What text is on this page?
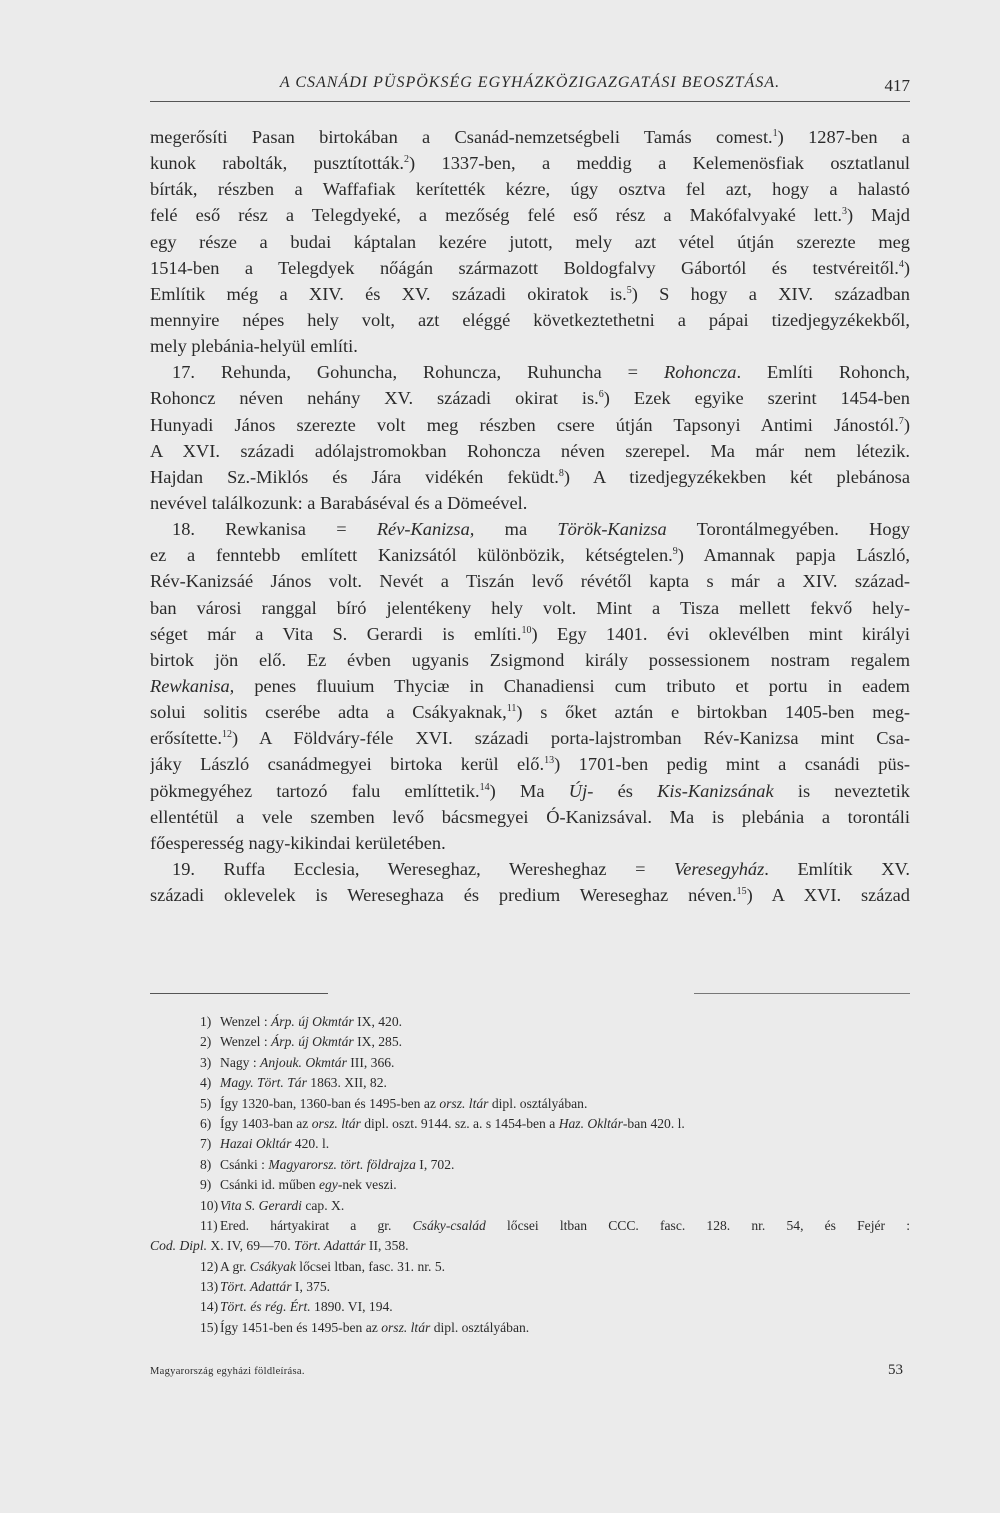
A CSANÁDI PÜSPÖKSÉG EGYHÁZKÖZIGAZGATÁSI BEOSZTÁSA.	417
megerősíti Pasan birtokában a Csanád-nemzetségbeli Tamás comest.$^1$) 1287-ben a
kunok rabolták, pusztították.$^2$) 1337-ben, a meddig a Kelemenösfiak osztatlanul
bírták, részben a Waffafiak kerítették kézre, úgy osztva fel azt, hogy a halastó
felé eső rész a Telegdyeké, a mezőség felé eső rész a Makófalvyaké lett.$^3$) Majd
egy része a budai káptalan kezére jutott, mely azt vétel útján szerezte meg
1514-ben a Telegdyek nőágán származott Boldogfalvy Gábortól és testvéreitől.$^4$)
Említik még a XIV. és XV. századi okiratok is.$^5$) S hogy a XIV. században
mennyire népes hely volt, azt eléggé következtethetni a pápai tizedjegyzékekből,
mely plebánia-helyül említi.
17. Rehunda, Gohuncha, Rohuncza, Ruhuncha = Rohoncza. Említi Rohonch,
Rohoncz néven nehány XV. századi okirat is.$^6$) Ezek egyike szerint 1454-ben
Hunyadi János szerezte volt meg részben csere útján Tapsonyi Antimi Jánostól.$^7$)
A XVI. századi adólajstromokban Rohoncza néven szerepel. Ma már nem létezik.
Hajdan Sz.-Miklós és Jára vidékén feküdt.$^8$) A tizedjegyzékekben két plebánosa
nevével találkozunk: a Barabáséval és a Dömeével.
18. Rewkanisa = Rév-Kanizsa, ma Török-Kanizsa Torontálmegyében. Hogy
ez a fenntebb említett Kanizsától különbözik, kétségtelen.$^9$) Amannak papja László,
Rév-Kanizsáé János volt. Nevét a Tiszán levő révétől kapta s már a XIV. század-
ban városi ranggal bíró jelentékeny hely volt. Mint a Tisza mellett fekvő hely-
séget már a Vita S. Gerardi is említi.$^{10}$) Egy 1401. évi oklevélben mint királyi
birtok jön elő. Ez évben ugyanis Zsigmond király possessionem nostram regalem
Rewkanisa, penes fluuium Thyciæ in Chanadiensi cum tributo et portu in eadem
solui solitis cserébe adta a Csákyaknak,$^{11}$) s őket aztán e birtokban 1405-ben meg-
erősítette.$^{12}$) A Földváry-féle XVI. századi porta-lajstromban Rév-Kanizsa mint Csa-
jáky László csanádmegyei birtoka kerül elő.$^{13}$) 1701-ben pedig mint a csanádi püs-
pökmegyéhez tartozó falu említtetik.$^{14}$) Ma Új- és Kis-Kanizsának is neveztetik
ellentétül a vele szemben levő bácsmegyei Ó-Kanizsával. Ma is plebánia a torontáli
főesperesség nagy-kikindai kerületében.
19. Ruffa Ecclesia, Wereseghaz, Weresheghaz = Veresegyház. Említik XV.
századi oklevelek is Wereseghaza és predium Wereseghaz néven.$^{15}$) A XVI. század
1) Wenzel : Árp. új Okmtár IX, 420.
2) Wenzel : Árp. új Okmtár IX, 285.
3) Nagy : Anjouk. Okmtár III, 366.
4) Magy. Tört. Tár 1863. XII, 82.
5) Így 1320-ban, 1360-ban és 1495-ben az orsz. ltár dipl. osztályában.
6) Így 1403-ban az orsz. ltár dipl. oszt. 9144. sz. a. s 1454-ben a Haz. Okltár-ban 420. l.
7) Hazai Okltár 420. l.
8) Csánki : Magyarorsz. tört. földrajza I, 702.
9) Csánki id. műben egy-nek veszi.
10) Vita S. Gerardi cap. X.
11) Ered. hártyakirat a gr. Csáky-család lőcsei ltban CCC. fasc. 128. nr. 54, és Fejér :
Cod. Dipl. X. IV, 69—70. Tört. Adattár II, 358.
12) A gr. Csákyak lőcsei ltban, fasc. 31. nr. 5.
13) Tört. Adattár I, 375.
14) Tört. és rég. Ért. 1890. VI, 194.
15) Így 1451-ben és 1495-ben az orsz. ltár dipl. osztályában.
Magyarország egyházi földleírása.	53
